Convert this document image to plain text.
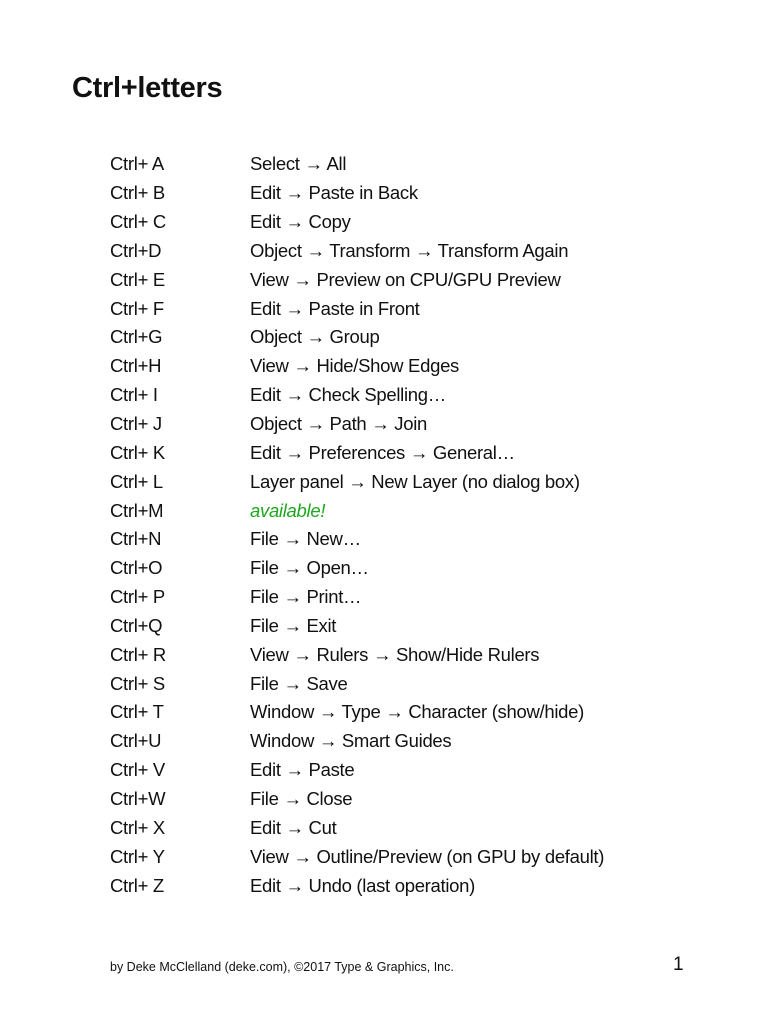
Ctrl+letters
Ctrl+ A	Select → All
Ctrl+ B	Edit → Paste in Back
Ctrl+ C	Edit → Copy
Ctrl+D	Object → Transform → Transform Again
Ctrl+ E	View → Preview on CPU/GPU Preview
Ctrl+ F	Edit → Paste in Front
Ctrl+G	Object → Group
Ctrl+H	View → Hide/Show Edges
Ctrl+ I	Edit → Check Spelling…
Ctrl+ J	Object → Path → Join
Ctrl+ K	Edit → Preferences → General…
Ctrl+ L	Layer panel → New Layer (no dialog box)
Ctrl+M	available!
Ctrl+N	File → New…
Ctrl+O	File → Open…
Ctrl+ P	File → Print…
Ctrl+Q	File → Exit
Ctrl+ R	View → Rulers → Show/Hide Rulers
Ctrl+ S	File → Save
Ctrl+ T	Window → Type → Character (show/hide)
Ctrl+U	Window → Smart Guides
Ctrl+ V	Edit → Paste
Ctrl+W	File → Close
Ctrl+ X	Edit → Cut
Ctrl+ Y	View → Outline/Preview (on GPU by default)
Ctrl+ Z	Edit → Undo (last operation)
by Deke McClelland (deke.com), ©2017 Type & Graphics, Inc.	1
